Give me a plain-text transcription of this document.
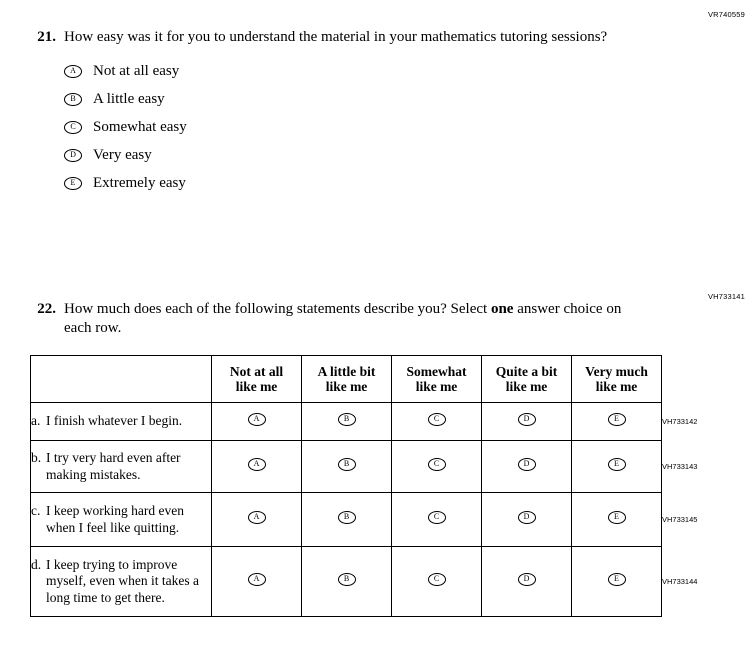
VR740559
21. How easy was it for you to understand the material in your mathematics tutoring sessions?
A	Not at all easy
B	A little easy
C	Somewhat easy
D	Very easy
E	Extremely easy
VH733141
22. How much does each of the following statements describe you? Select one answer choice on each row.

Not at all
like me

A little bit
like me

Somewhat
like me

Quite a bit
like me

Very much
like me

a. I finish whatever I begin.	A	B	C	D	E	VH733142

b. I try very hard even after making mistakes.	A	B	C	D	E	VH733143

c. I keep working hard even when I feel like quitting.	A	B	C	D	E	VH733145

d. I keep trying to improve myself, even when it takes a long time to get there.	A	B	C	D	E	VH733144
